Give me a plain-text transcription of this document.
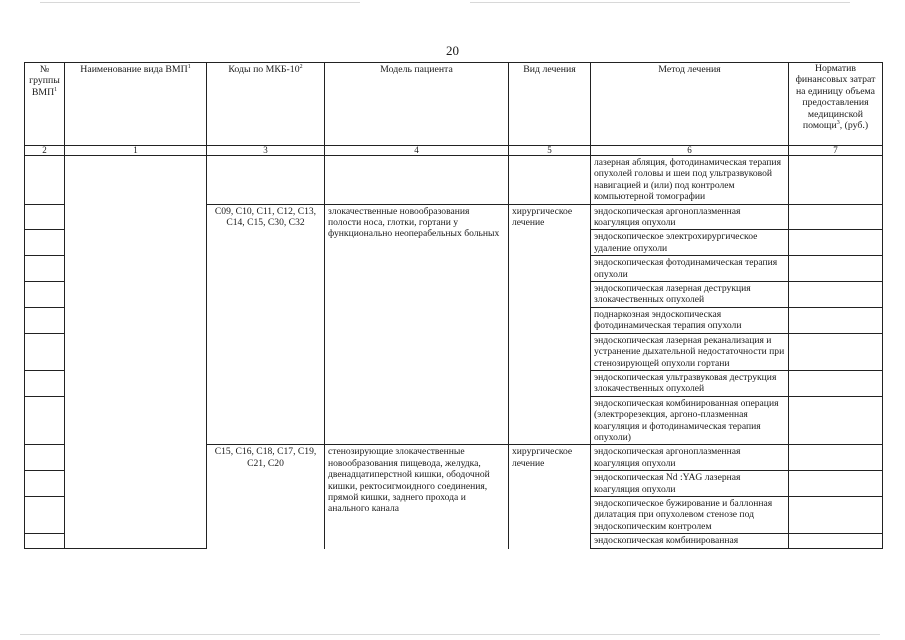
20
№ группы ВМП$^1$	Наименование вида ВМП$^1$	Коды по МКБ-$10^2$	Модель пациента	Вид лечения	Метод лечения	Норматив финансовых затрат на единицу объема предоставления медицинской помощи$^3$, (руб.)
2	1	3	4	5	6	7
					лазерная абляция, фотодинамическая терапия опухолей головы и шеи под ультразвуковой навигацией и (или) под контролем компьютерной томографии	
		C09, C10, C11, C12, C13, C14, C15, C30, C32	злокачественные новообразования полости носа, глотки, гортани у функционально неоперабельных больных	хирургическое лечение	эндоскопическая аргоноплазменная коагуляция опухоли	
					эндоскопическое электрохирургическое удаление опухоли	
					эндоскопическая фотодинамическая терапия опухоли	
					эндоскопическая лазерная деструкция злокачественных опухолей	
					поднаркозная эндоскопическая фотодинамическая терапия опухоли	
					эндоскопическая лазерная реканализация и устранение дыхательной недостаточности при стенозирующей опухоли гортани	
					эндоскопическая ультразвуковая деструкция злокачественных опухолей	
					эндоскопическая комбинированная операция (электрорезекция, аргоно-плазменная коагуляция и фотодинамическая терапия опухоли)	
		C15, C16, C18, C17, C19, C21, C20	стенозирующие злокачественные новообразования пищевода, желудка, двенадцатиперстной кишки, ободочной кишки, ректосигмоидного соединения, прямой кишки, заднего прохода и анального канала	хирургическое лечение	эндоскопическая аргоноплазменная коагуляция опухоли	
					эндоскопическая Nd :YAG лазерная коагуляция опухоли	
					эндоскопическое бужирование и баллонная дилатация при опухолевом стенозе под эндоскопическим контролем	
					эндоскопическая комбинированная	
